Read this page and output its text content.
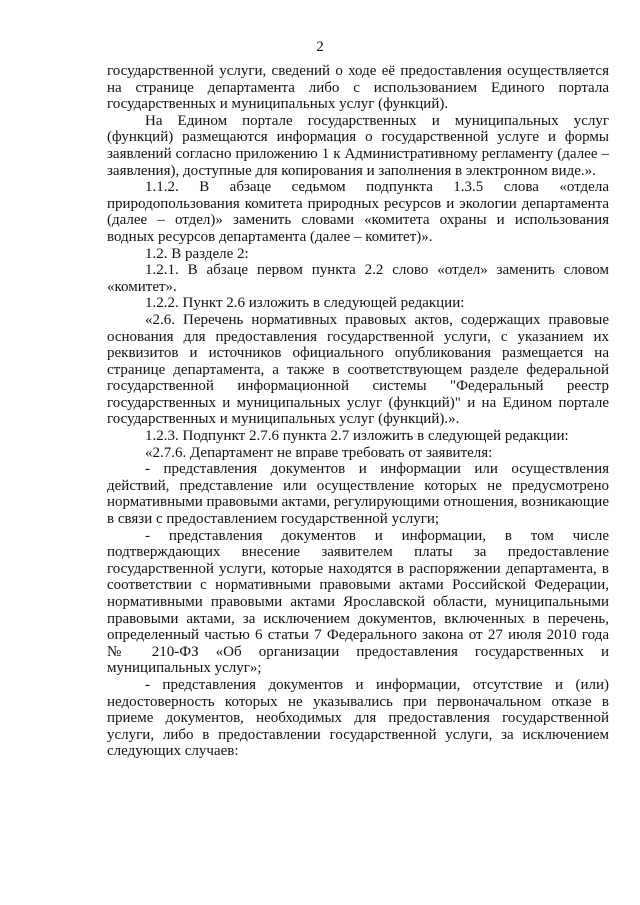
2

государственной услуги, сведений о ходе её предоставления осуществляется на странице департамента либо с использованием Единого портала государственных и муниципальных услуг (функций).

На Едином портале государственных и муниципальных услуг (функций) размещаются информация о государственной услуге и формы заявлений согласно приложению 1 к Административному регламенту (далее – заявления), доступные для копирования и заполнения в электронном виде.».

1.1.2. В абзаце седьмом подпункта 1.3.5 слова «отдела природопользования комитета природных ресурсов и экологии департамента (далее – отдел)» заменить словами «комитета охраны и использования водных ресурсов департамента (далее – комитет)».

1.2. В разделе 2:

1.2.1. В абзаце первом пункта 2.2 слово «отдел» заменить словом «комитет».

1.2.2. Пункт 2.6 изложить в следующей редакции:

«2.6. Перечень нормативных правовых актов, содержащих правовые основания для предоставления государственной услуги, с указанием их реквизитов и источников официального опубликования размещается на странице департамента, а также в соответствующем разделе федеральной государственной информационной системы "Федеральный реестр государственных и муниципальных услуг (функций)" и на Едином портале государственных и муниципальных услуг (функций).».

1.2.3. Подпункт 2.7.6 пункта 2.7 изложить в следующей редакции:

«2.7.6. Департамент не вправе требовать от заявителя:

- представления документов и информации или осуществления действий, представление или осуществление которых не предусмотрено нормативными правовыми актами, регулирующими отношения, возникающие в связи с предоставлением государственной услуги;

- представления документов и информации, в том числе подтверждающих внесение заявителем платы за предоставление государственной услуги, которые находятся в распоряжении департамента, в соответствии с нормативными правовыми актами Российской Федерации, нормативными правовыми актами Ярославской области, муниципальными правовыми актами, за исключением документов, включенных в перечень, определенный частью 6 статьи 7 Федерального закона от 27 июля 2010 года № 210-ФЗ «Об организации предоставления государственных и муниципальных услуг»;

- представления документов и информации, отсутствие и (или) недостоверность которых не указывались при первоначальном отказе в приеме документов, необходимых для предоставления государственной услуги, либо в предоставлении государственной услуги, за исключением следующих случаев:
